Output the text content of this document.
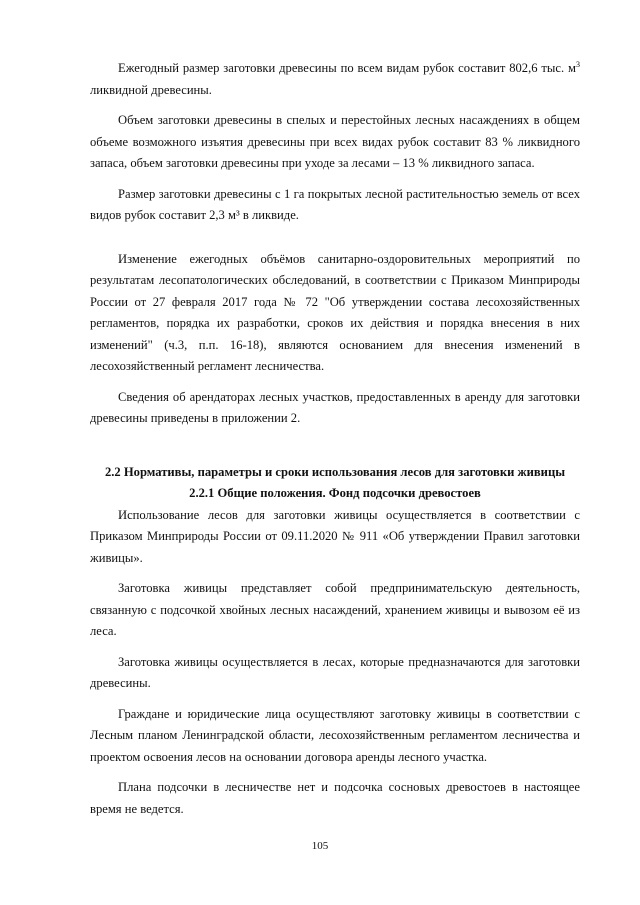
Ежегодный размер заготовки древесины по всем видам рубок составит 802,6 тыс. $м^3$ ликвидной древесины.

Объем заготовки древесины в спелых и перестойных лесных насаждениях в общем объеме возможного изъятия древесины при всех видах рубок составит 83 % ликвидного запаса, объем заготовки древесины при уходе за лесами – 13 % ликвидного запаса.

Размер заготовки древесины с 1 га покрытых лесной растительностью земель от всех видов рубок составит 2,3 м³ в ликвиде.

Изменение ежегодных объёмов санитарно-оздоровительных мероприятий по результатам лесопатологических обследований, в соответствии с Приказом Минприроды России от 27 февраля 2017 года № 72 "Об утверждении состава лесохозяйственных регламентов, порядка их разработки, сроков их действия и порядка внесения в них изменений" (ч.3, п.п. 16-18), являются основанием для внесения изменений в лесохозяйственный регламент лесничества.

Сведения об арендаторах лесных участков, предоставленных в аренду для заготовки древесины приведены в приложении 2.

2.2 Нормативы, параметры и сроки использования лесов для заготовки живицы
2.2.1 Общие положения. Фонд подсочки древостоев

Использование лесов для заготовки живицы осуществляется в соответствии с Приказом Минприроды России от 09.11.2020 № 911 «Об утверждении Правил заготовки живицы».

Заготовка живицы представляет собой предпринимательскую деятельность, связанную с подсочкой хвойных лесных насаждений, хранением живицы и вывозом её из леса.

Заготовка живицы осуществляется в лесах, которые предназначаются для заготовки древесины.

Граждане и юридические лица осуществляют заготовку живицы в соответствии с Лесным планом Ленинградской области, лесохозяйственным регламентом лесничества и проектом освоения лесов на основании договора аренды лесного участка.

Плана подсочки в лесничестве нет и подсочка сосновых древостоев в настоящее время не ведется.

105
